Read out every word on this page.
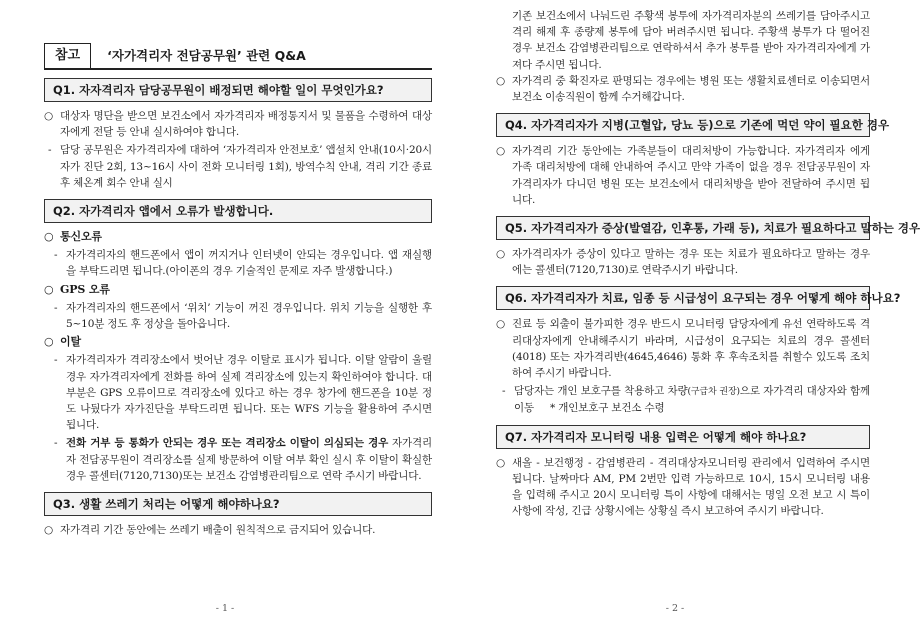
참고	‘자가격리자 전담공무원’ 관련 Q&A
Q1. 자자격리자 담당공무원이 배정되면 해야할 일이 무엇인가요?
○ 대상자 명단을 받으면 보건소에서 자가격리자 배정통지서 및 물품을 수령하여 대상자에게 전달 등 안내 실시하여야 합니다.
- 담당 공무원은 자가격리자에 대하여 ‘자가격리자 안전보호’ 앱설치 안내(10시·20시 자가 진단 2회, 13~16시 사이 전화 모니터링 1회), 방역수칙 안내, 격리 기간 종료 후 체온계 회수 안내 실시
Q2. 자가격리자 앱에서 오류가 발생합니다.
○ 통신오류
- 자가격리자의 핸드폰에서 앱이 꺼지거나 인터넷이 안되는 경우입니다. 앱 재실행을 부탁드리면 됩니다.(아이폰의 경우 기술적인 문제로 자주 발생합니다.)
○ GPS 오류
- 자가격리자의 핸드폰에서 ‘위치’ 기능이 꺼진 경우입니다. 위치 기능을 실행한 후 5~10분 정도 후 정상을 돌아옵니다.
○ 이탈
- 자가격리자가 격리장소에서 벗어난 경우 이탈로 표시가 됩니다. 이탈 알람이 울릴 경우 자가격리자에게 전화를 하여 실제 격리장소에 있는지 확인하여야 합니다. 대부분은 GPS 오류이므로 격리장소에 있다고 하는 경우 창가에 핸드폰을 10분 정도 나뒀다가 자가진단을 부탁드리면 됩니다. 또는 WFS 기능을 활용하여 주시면 됩니다.
- 전화 거부 등 통화가 안되는 경우 또는 격리장소 이탈이 의심되는 경우 자가격리자 전담공무원이 격리장소를 실제 방문하여 이탈 여부 확인 실시 후 이탈이 확실한 경우 콜센터(7120,7130)또는 보건소 감염병관리팀으로 연락 주시기 바랍니다.
Q3. 생활 쓰레기 처리는 어떻게 해야하나요?
○ 자가격리 기간 동안에는 쓰레기 배출이 원칙적으로 금지되어 있습니다.
- 1 -
기존 보건소에서 나눠드린 주황색 봉투에 자가격리자분의 쓰레기를 담아주시고 격리 해제 후 종량제 봉투에 담아 버려주시면 됩니다. 주황색 봉투가 다 떨어진 경우 보건소 감염병관리팀으로 연락하셔서 추가 봉투를 받아 자가격리자에게 가져다 주시면 됩니다.
○ 자가격리 중 확진자로 판명되는 경우에는 병원 또는 생활치료센터로 이송되면서 보건소 이송직원이 함께 수거해갑니다.
Q4. 자가격리자가 지병(고혈압, 당뇨 등)으로 기존에 먹던 약이 필요한 경우
○ 자가격리 기간 동안에는 가족분들이 대리처방이 가능합니다. 자가격리자 에게 가족 대리처방에 대해 안내하여 주시고 만약 가족이 없을 경우 전담공무원이 자가격리자가 다니던 병원 또는 보건소에서 대리처방을 받아 전달하여 주시면 됩니다.
Q5. 자가격리자가 증상(발열감, 인후통, 가래 등), 치료가 필요하다고 말하는 경우
○ 자가격리자가 증상이 있다고 말하는 경우 또는 치료가 필요하다고 말하는 경우에는 콜센터(7120,7130)로 연락주시기 바랍니다.
Q6. 자가격리자가 치료, 임종 등 시급성이 요구되는 경우 어떻게 해야 하나요?
○ 진료 등 외출이 불가피한 경우 반드시 모니터링 담당자에게 유선 연락하도록 격리대상자에게 안내해주시기 바라며, 시급성이 요구되는 치료의 경우 콜센터(4018) 또는 자가격리반(4645,4646) 통화 후 후속조치를 취할수 있도록 조치하여 주시기 바랍니다.
- 담당자는 개인 보호구를 착용하고 차량(구급차 권장)으로 자가격리 대상자와 함께 이동 * 개인보호구 보건소 수령
Q7. 자가격리자 모니터링 내용 입력은 어떻게 해야 하나요?
○ 새올 - 보건행정 - 감염병관리 - 격리대상자모니터링 관리에서 입력하여 주시면 됩니다. 날짜마다 AM, PM 2번만 입력 가능하므로 10시, 15시 모니터링 내용을 입력해 주시고 20시 모니터링 특이 사항에 대해서는 명일 오전 보고 시 특이사항에 작성, 긴급 상황시에는 상황실 즉시 보고하여 주시기 바랍니다.
- 2 -
